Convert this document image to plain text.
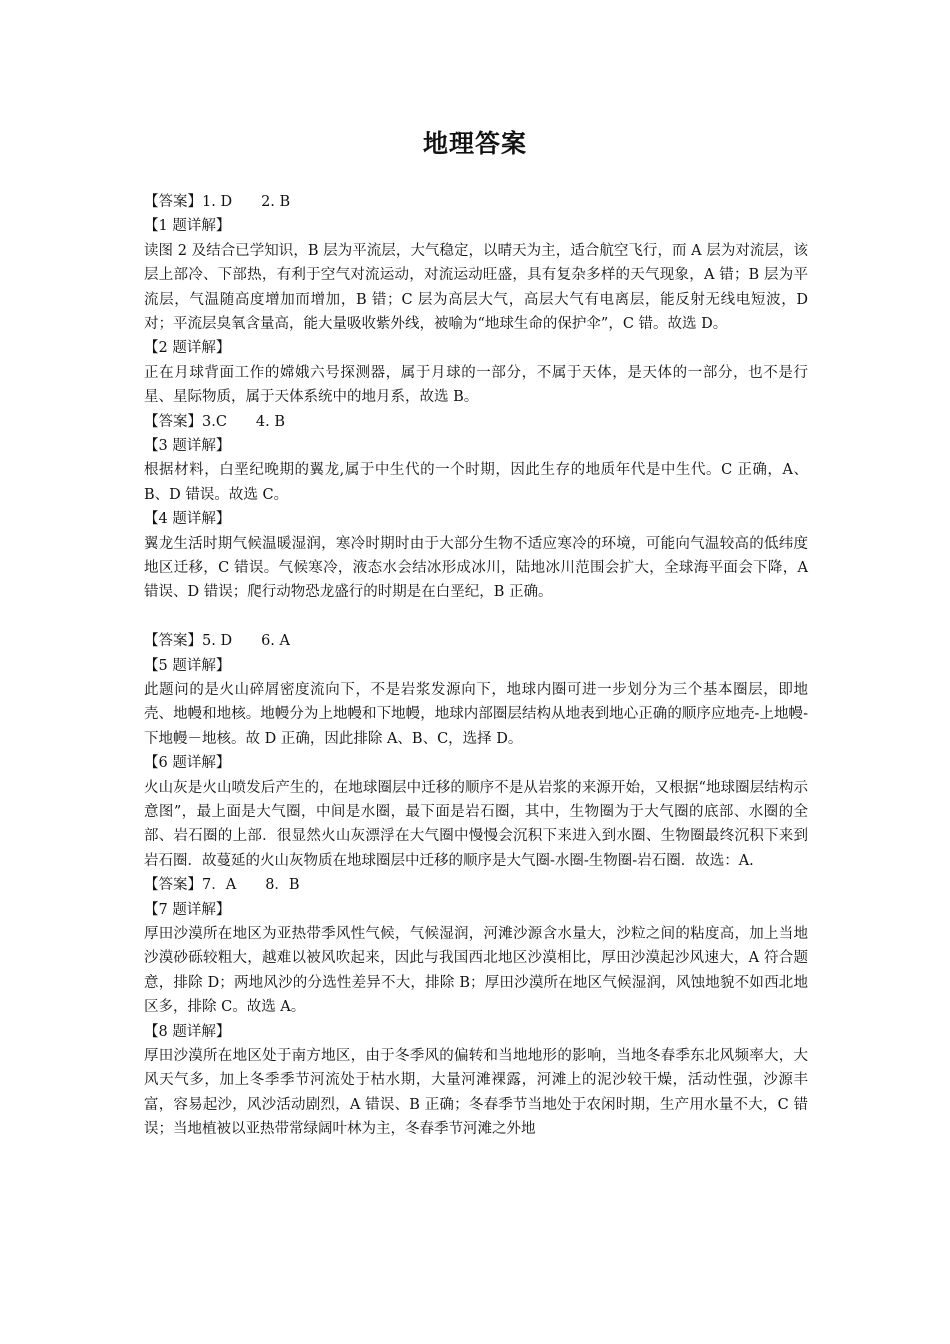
地理答案
【答案】1. D　　2. B
【1 题详解】
读图 2 及结合已学知识，B 层为平流层，大气稳定，以晴天为主，适合航空飞行，而 A 层为对流层，该层上部冷、下部热，有利于空气对流运动，对流运动旺盛，具有复杂多样的天气现象，A 错；B 层为平流层，气温随高度增加而增加，B 错；C 层为高层大气，高层大气有电离层，能反射无线电短波，D 对；平流层臭氧含量高，能大量吸收紫外线，被喻为“地球生命的保护伞”，C 错。故选 D。
【2 题详解】
正在月球背面工作的嫦娥六号探测器，属于月球的一部分，不属于天体，是天体的一部分，也不是行星、星际物质，属于天体系统中的地月系，故选 B。
【答案】3.C　　4. B
【3 题详解】
根据材料，白垩纪晚期的翼龙,属于中生代的一个时期，因此生存的地质年代是中生代。C 正确，A、B、D 错误。故选 C。
【4 题详解】
翼龙生活时期气候温暖湿润，寒冷时期时由于大部分生物不适应寒冷的环境，可能向气温较高的低纬度地区迁移，C 错误。气候寒冷，液态水会结冰形成冰川，陆地冰川范围会扩大，全球海平面会下降，A 错误、D 错误；爬行动物恐龙盛行的时期是在白垩纪，B 正确。
【答案】5. D　　6. A
【5 题详解】
此题问的是火山碎屑密度流向下，不是岩浆发源向下，地球内圈可进一步划分为三个基本圈层，即地壳、地幔和地核。地幔分为上地幔和下地幔，地球内部圈层结构从地表到地心正确的顺序应地壳-上地幔-下地幔－地核。故 D 正确，因此排除 A、B、C，选择 D。
【6 题详解】
火山灰是火山喷发后产生的，在地球圈层中迁移的顺序不是从岩浆的来源开始，又根据“地球圈层结构示意图”，最上面是大气圈，中间是水圈，最下面是岩石圈，其中，生物圈为于大气圈的底部、水圈的全部、岩石圈的上部．很显然火山灰漂浮在大气圈中慢慢会沉积下来进入到水圈、生物圈最终沉积下来到岩石圈．故蔓延的火山灰物质在地球圈层中迁移的顺序是大气圈-水圈-生物圈-岩石圈．故选：A.
【答案】7．A　　8．B
【7 题详解】
厚田沙漠所在地区为亚热带季风性气候，气候湿润，河滩沙源含水量大，沙粒之间的粘度高，加上当地沙漠砂砾较粗大，越难以被风吹起来，因此与我国西北地区沙漠相比，厚田沙漠起沙风速大，A 符合题意，排除 D；两地风沙的分选性差异不大，排除 B；厚田沙漠所在地区气候湿润，风蚀地貌不如西北地区多，排除 C。故选 A。
【8 题详解】
厚田沙漠所在地区处于南方地区，由于冬季风的偏转和当地地形的影响，当地冬春季东北风频率大，大风天气多，加上冬季季节河流处于枯水期，大量河滩裸露，河滩上的泥沙较干燥，活动性强，沙源丰富，容易起沙，风沙活动剧烈，A 错误、B 正确；冬春季节当地处于农闲时期，生产用水量不大，C 错误；当地植被以亚热带常绿阔叶林为主，冬春季节河滩之外地
